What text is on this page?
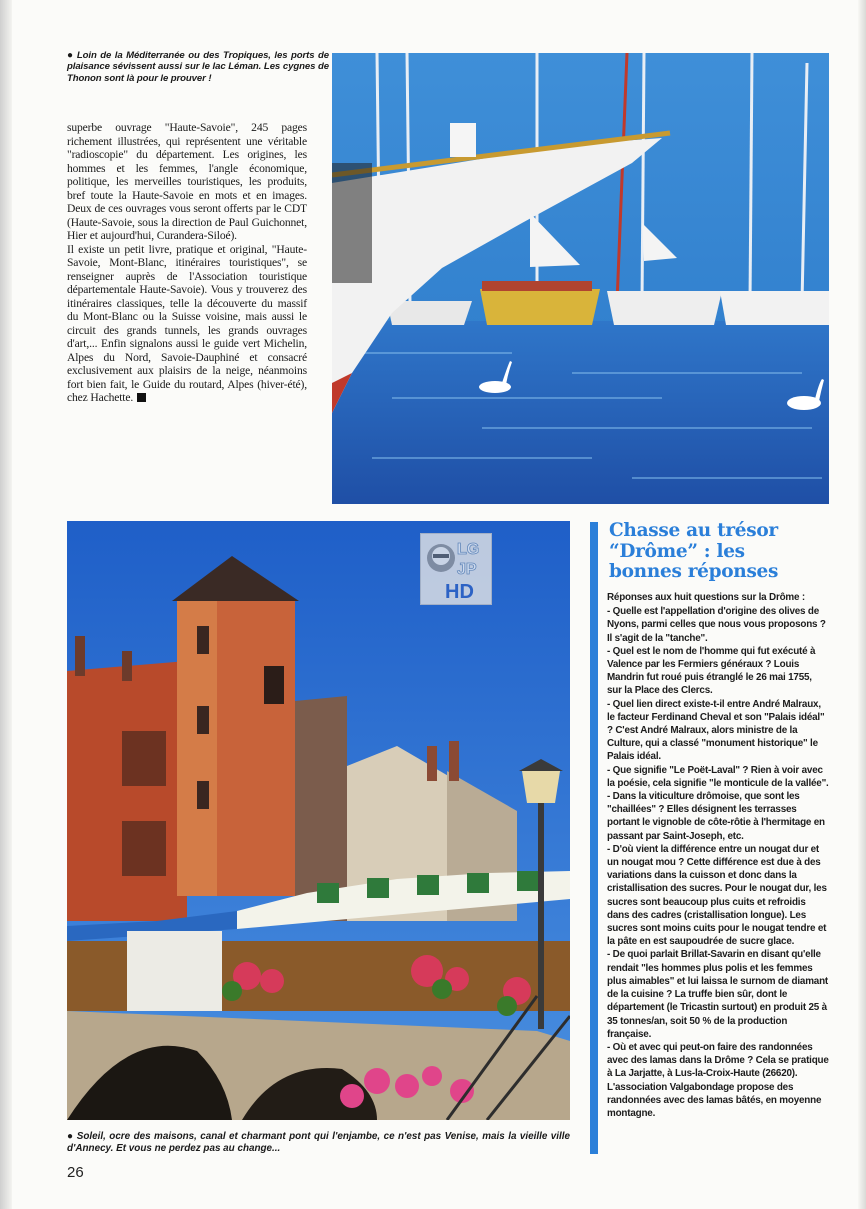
● Loin de la Méditerranée ou des Tropiques, les ports de plaisance sévissent aussi sur le lac Léman. Les cygnes de Thonon sont là pour le prouver !

superbe ouvrage "Haute-Savoie", 245 pages richement illustrées, qui représentent une véritable "radioscopie" du département. Les origines, les hommes et les femmes, l'angle économique, politique, les merveilles touristiques, les produits, bref toute la Haute-Savoie en mots et en images. Deux de ces ouvrages vous seront offerts par le CDT (Haute-Savoie, sous la direction de Paul Guichonnet, Hier et aujourd'hui, Curandera-Siloé).

Il existe un petit livre, pratique et original, "Haute-Savoie, Mont-Blanc, itinéraires touristiques", se renseigner auprès de l'Association touristique départementale Haute-Savoie). Vous y trouverez des itinéraires classiques, telle la découverte du massif du Mont-Blanc ou la Suisse voisine, mais aussi le circuit des grands tunnels, les grands ouvrages d'art,... Enfin signalons aussi le guide vert Michelin, Alpes du Nord, Savoie-Dauphiné et consacré exclusivement aux plaisirs de la neige, néanmoins fort bien fait, le Guide du routard, Alpes (hiver-été), chez Hachette.

LG
JP
HD
● Soleil, ocre des maisons, canal et charmant pont qui l'enjambe, ce n'est pas Venise, mais la vieille ville d'Annecy. Et vous ne perdez pas au change...
Chasse au trésor
“Drôme” : les
bonnes réponses

Réponses aux huit questions sur la Drôme :

- Quelle est l'appellation d'origine des olives de Nyons, parmi celles que nous vous proposons ? Il s'agit de la "tanche".

- Quel est le nom de l'homme qui fut exécuté à Valence par les Fermiers généraux ? Louis Mandrin fut roué puis étranglé le 26 mai 1755, sur la Place des Clercs.

- Quel lien direct existe-t-il entre André Malraux, le facteur Ferdinand Cheval et son "Palais idéal" ? C'est André Malraux, alors ministre de la Culture, qui a classé "monument historique" le Palais idéal.

- Que signifie "Le Poët-Laval" ? Rien à voir avec la poésie, cela signifie "le monticule de la vallée".

- Dans la viticulture drômoise, que sont les "chaillées" ? Elles désignent les terrasses portant le vignoble de côte-rôtie à l'hermitage en passant par Saint-Joseph, etc.

- D'où vient la différence entre un nougat dur et un nougat mou ? Cette différence est due à des variations dans la cuisson et donc dans la cristallisation des sucres. Pour le nougat dur, les sucres sont beaucoup plus cuits et refroidis dans des cadres (cristallisation longue). Les sucres sont moins cuits pour le nougat tendre et la pâte en est saupoudrée de sucre glace.

- De quoi parlait Brillat-Savarin en disant qu'elle rendait "les hommes plus polis et les femmes plus aimables" et lui laissa le surnom de diamant de la cuisine ? La truffe bien sûr, dont le département (le Tricastin surtout) en produit 25 à 35 tonnes/an, soit 50 % de la production française.

- Où et avec qui peut-on faire des randonnées avec des lamas dans la Drôme ? Cela se pratique à La Jarjatte, à Lus-la-Croix-Haute (26620). L'association Valgabondage propose des randonnées avec des lamas bâtés, en moyenne montagne.

26
